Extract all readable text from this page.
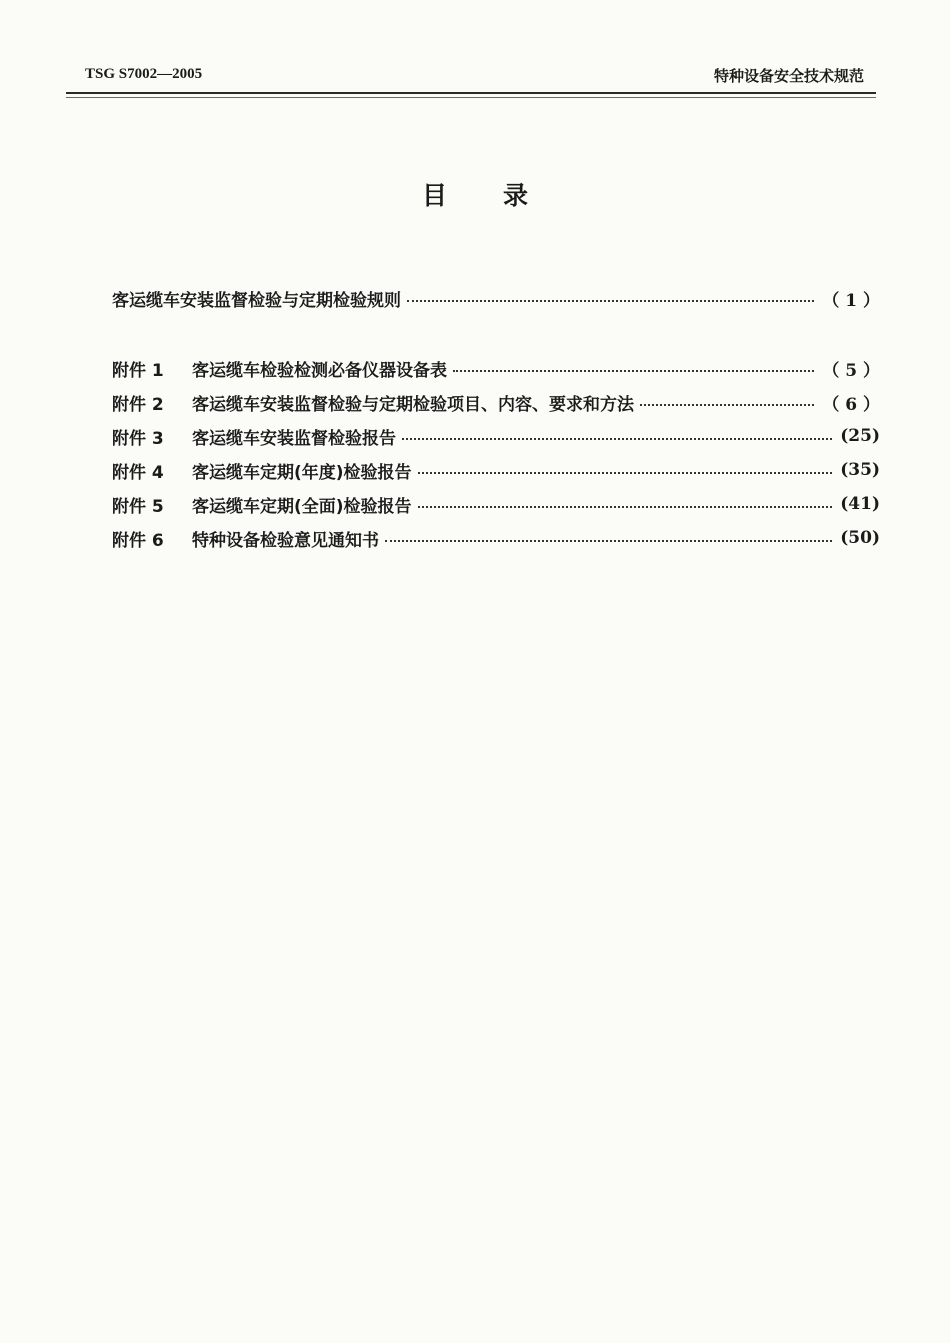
TSG S7002—2005	特种设备安全技术规范
目录
客运缆车安装监督检验与定期检验规则	（ 1 ）
附件 1	客运缆车检验检测必备仪器设备表	（ 5 ）
附件 2	客运缆车安装监督检验与定期检验项目、内容、要求和方法	（ 6 ）
附件 3	客运缆车安装监督检验报告	(25)
附件 4	客运缆车定期(年度)检验报告	(35)
附件 5	客运缆车定期(全面)检验报告	(41)
附件 6	特种设备检验意见通知书	(50)
